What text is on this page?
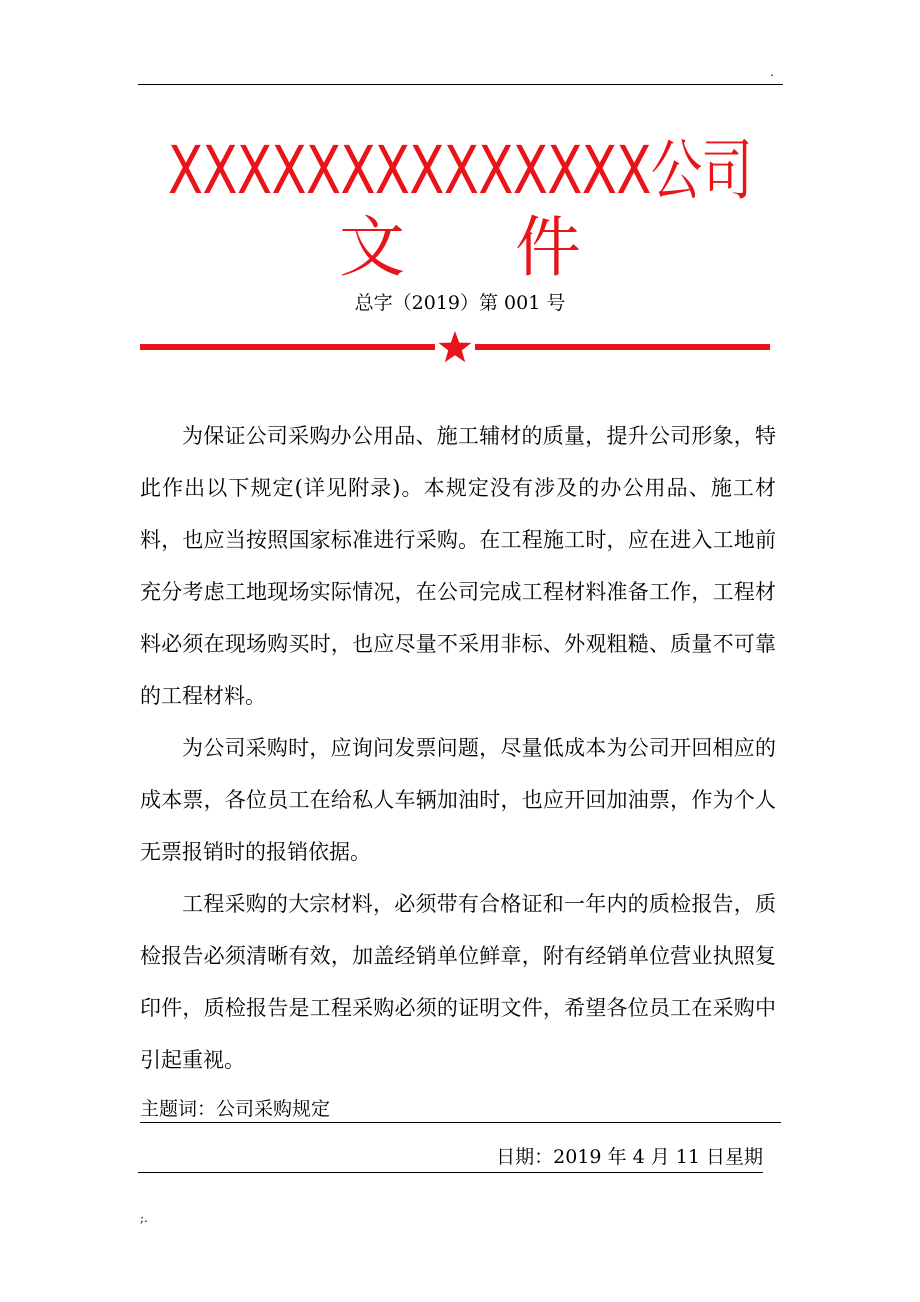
.
XXXXXXXXXXXXXX公司
文 件
总字（2019）第 001 号

为保证公司采购办公用品、施工辅材的质量，提升公司形象，特此作出以下规定(详见附录)。本规定没有涉及的办公用品、施工材料，也应当按照国家标准进行采购。在工程施工时，应在进入工地前充分考虑工地现场实际情况，在公司完成工程材料准备工作，工程材料必须在现场购买时，也应尽量不采用非标、外观粗糙、质量不可靠的工程材料。

为公司采购时，应询问发票问题，尽量低成本为公司开回相应的成本票，各位员工在给私人车辆加油时，也应开回加油票，作为个人无票报销时的报销依据。

工程采购的大宗材料，必须带有合格证和一年内的质检报告，质检报告必须清晰有效，加盖经销单位鲜章，附有经销单位营业执照复印件，质检报告是工程采购必须的证明文件，希望各位员工在采购中引起重视。

主题词：公司采购规定
日期：2019 年 4 月 11 日星期
;.
